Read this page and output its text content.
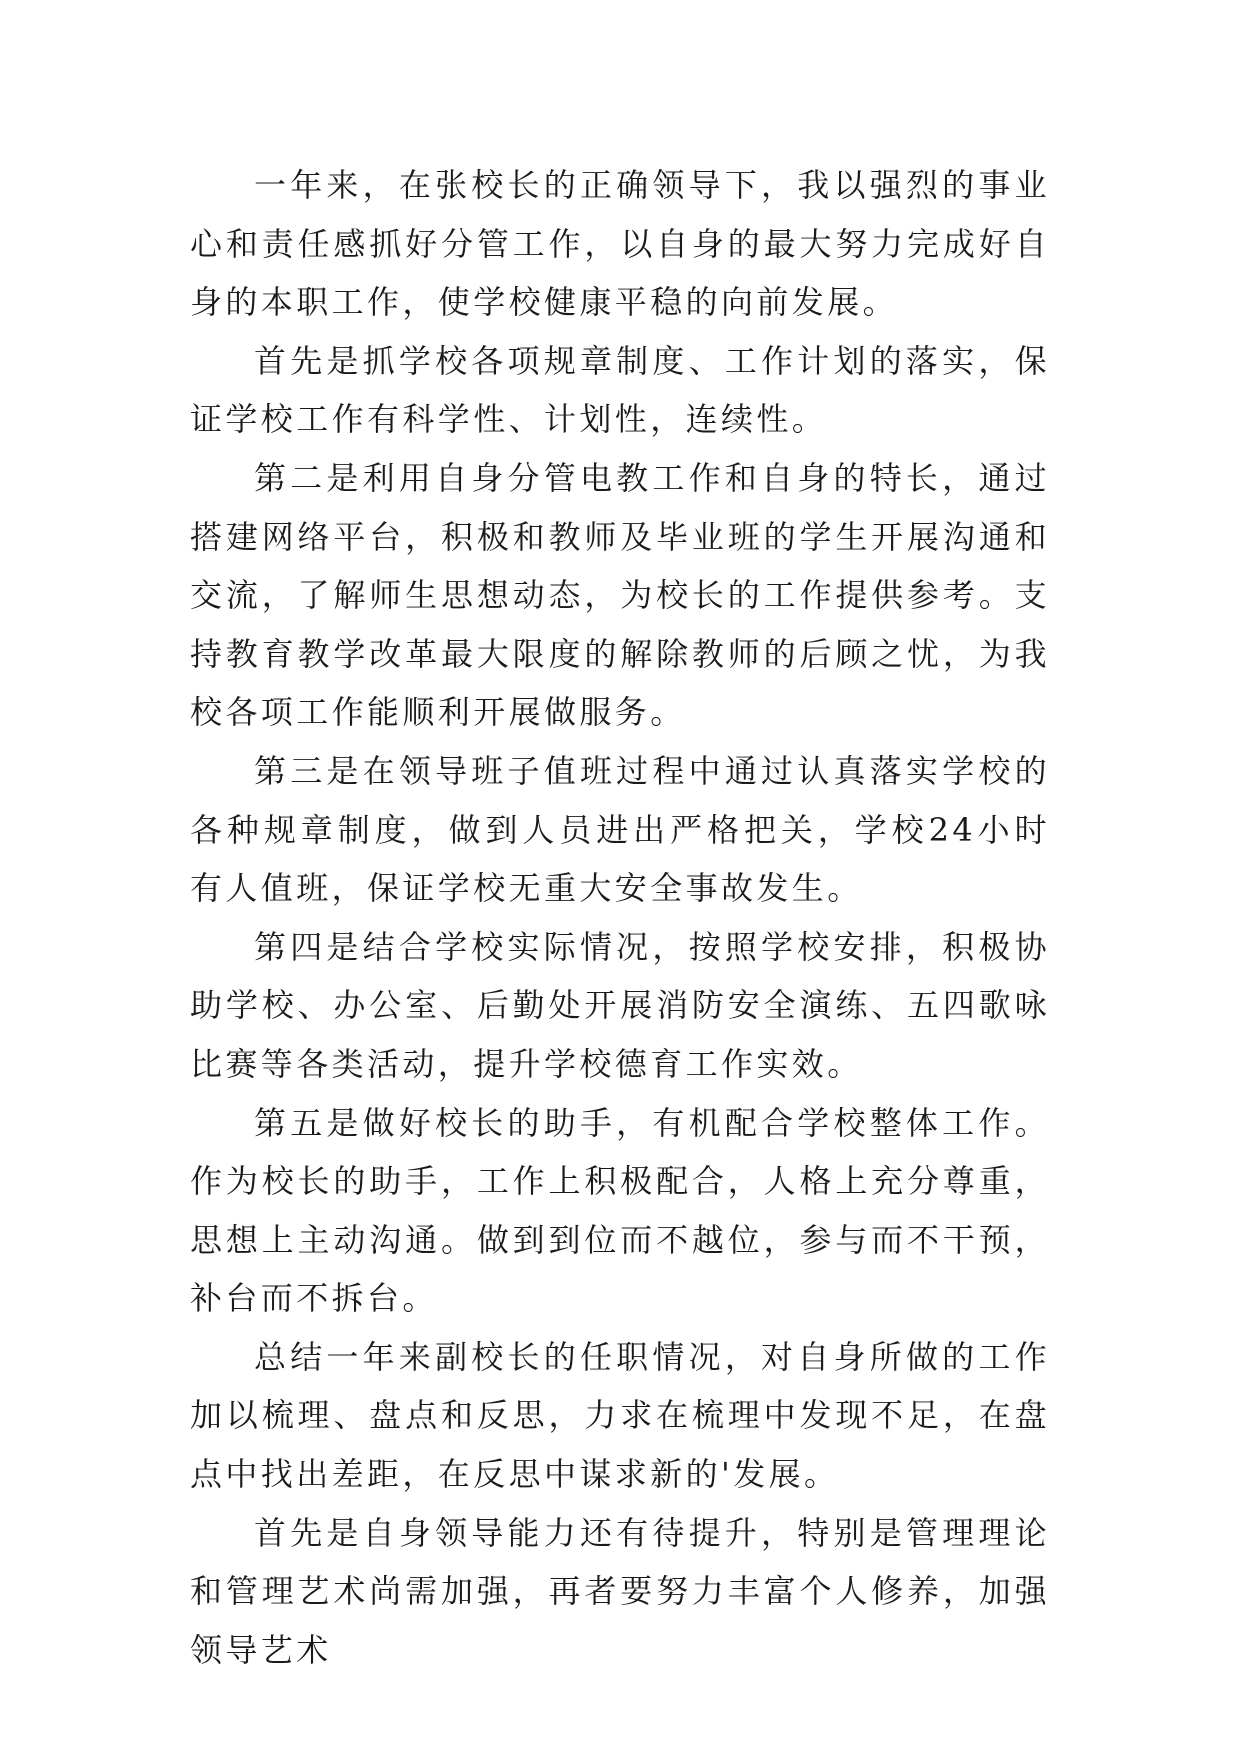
一年来，在张校长的正确领导下，我以强烈的事业心和责任感抓好分管工作，以自身的最大努力完成好自身的本职工作，使学校健康平稳的向前发展。

首先是抓学校各项规章制度、工作计划的落实，保证学校工作有科学性、计划性，连续性。

第二是利用自身分管电教工作和自身的特长，通过搭建网络平台，积极和教师及毕业班的学生开展沟通和交流，了解师生思想动态，为校长的工作提供参考。支持教育教学改革最大限度的解除教师的后顾之忧，为我校各项工作能顺利开展做服务。

第三是在领导班子值班过程中通过认真落实学校的各种规章制度，做到人员进出严格把关，学校24小时有人值班，保证学校无重大安全事故发生。

第四是结合学校实际情况，按照学校安排，积极协助学校、办公室、后勤处开展消防安全演练、五四歌咏比赛等各类活动，提升学校德育工作实效。

第五是做好校长的助手，有机配合学校整体工作。作为校长的助手，工作上积极配合，人格上充分尊重，思想上主动沟通。做到到位而不越位，参与而不干预，补台而不拆台。

总结一年来副校长的任职情况，对自身所做的工作加以梳理、盘点和反思，力求在梳理中发现不足，在盘点中找出差距，在反思中谋求新的'发展。

首先是自身领导能力还有待提升，特别是管理理论和管理艺术尚需加强，再者要努力丰富个人修养，加强领导艺术
